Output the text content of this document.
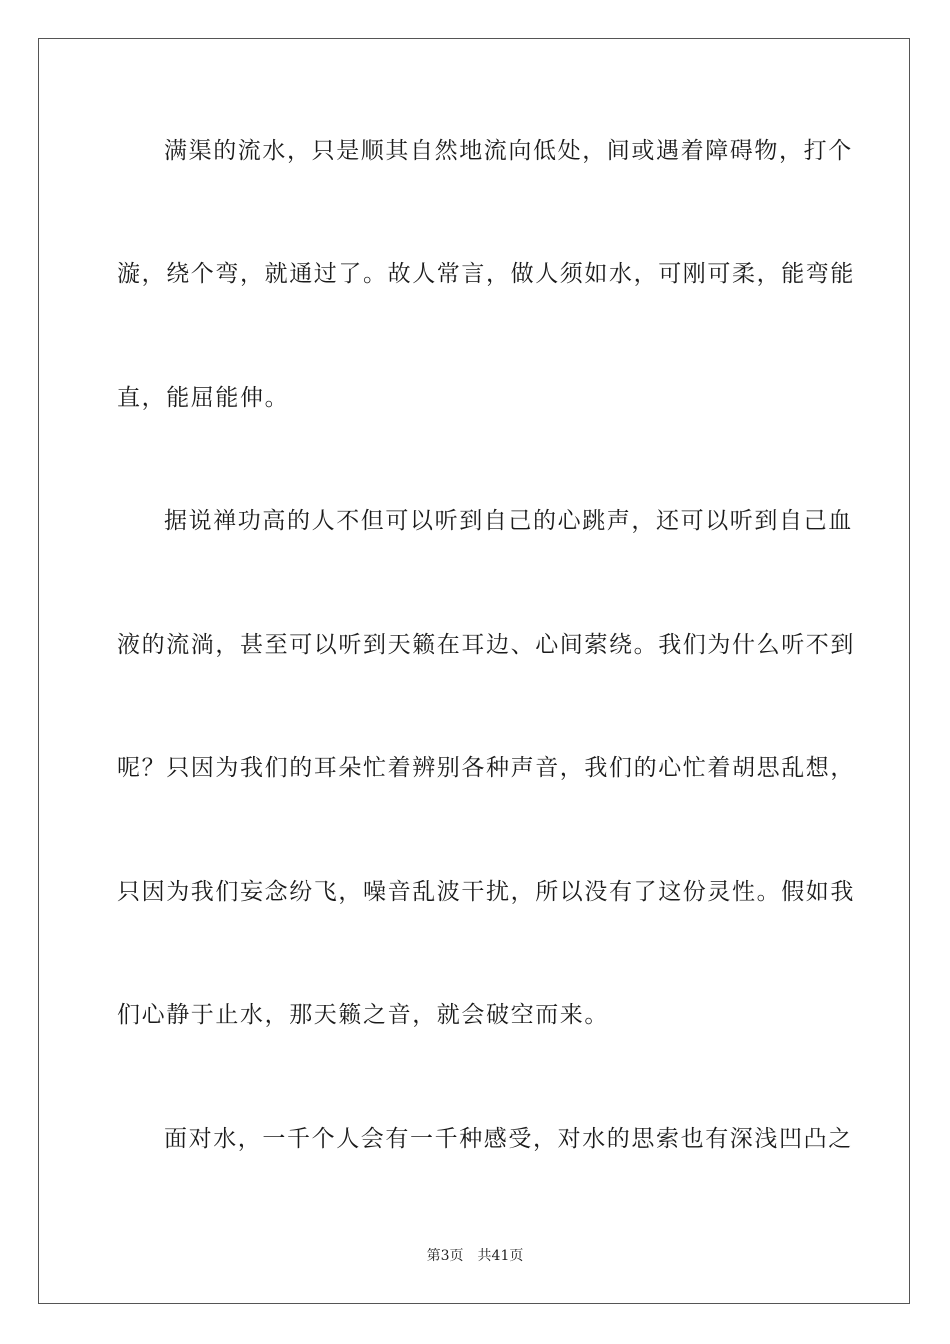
满渠的流水，只是顺其自然地流向低处，间或遇着障碍物，打个
漩，绕个弯，就通过了。故人常言，做人须如水，可刚可柔，能弯能
直，能屈能伸。
据说禅功高的人不但可以听到自己的心跳声，还可以听到自己血
液的流淌，甚至可以听到天籁在耳边、心间萦绕。我们为什么听不到
呢？只因为我们的耳朵忙着辨别各种声音，我们的心忙着胡思乱想，
只因为我们妄念纷飞，噪音乱波干扰，所以没有了这份灵性。假如我
们心静于止水，那天籁之音，就会破空而来。
面对水，一千个人会有一千种感受，对水的思索也有深浅凹凸之
第3页 共41页
